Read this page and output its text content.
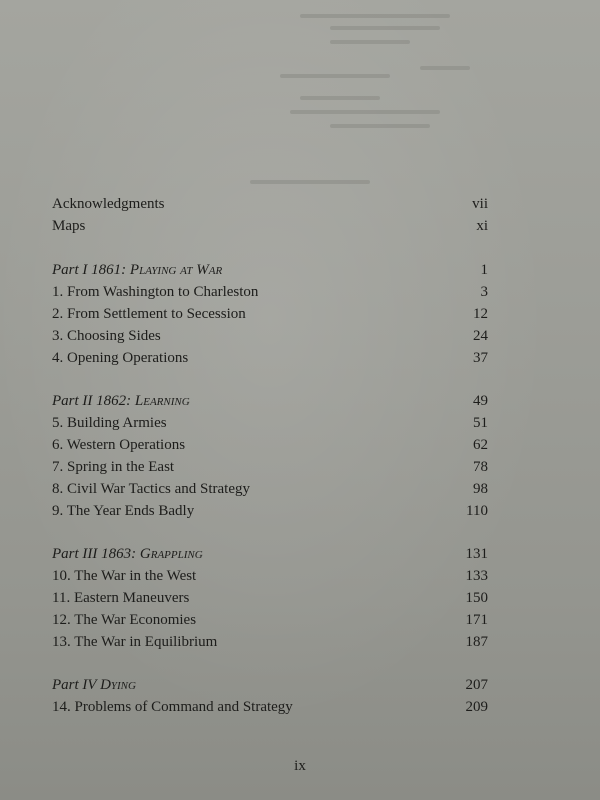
Acknowledgments	vii
Maps	xi
Part I 1861: Playing at War	1
1. From Washington to Charleston	3
2. From Settlement to Secession	12
3. Choosing Sides	24
4. Opening Operations	37
Part II 1862: Learning	49
5. Building Armies	51
6. Western Operations	62
7. Spring in the East	78
8. Civil War Tactics and Strategy	98
9. The Year Ends Badly	110
Part III 1863: Grappling	131
10. The War in the West	133
11. Eastern Maneuvers	150
12. The War Economies	171
13. The War in Equilibrium	187
Part IV Dying	207
14. Problems of Command and Strategy	209
ix
